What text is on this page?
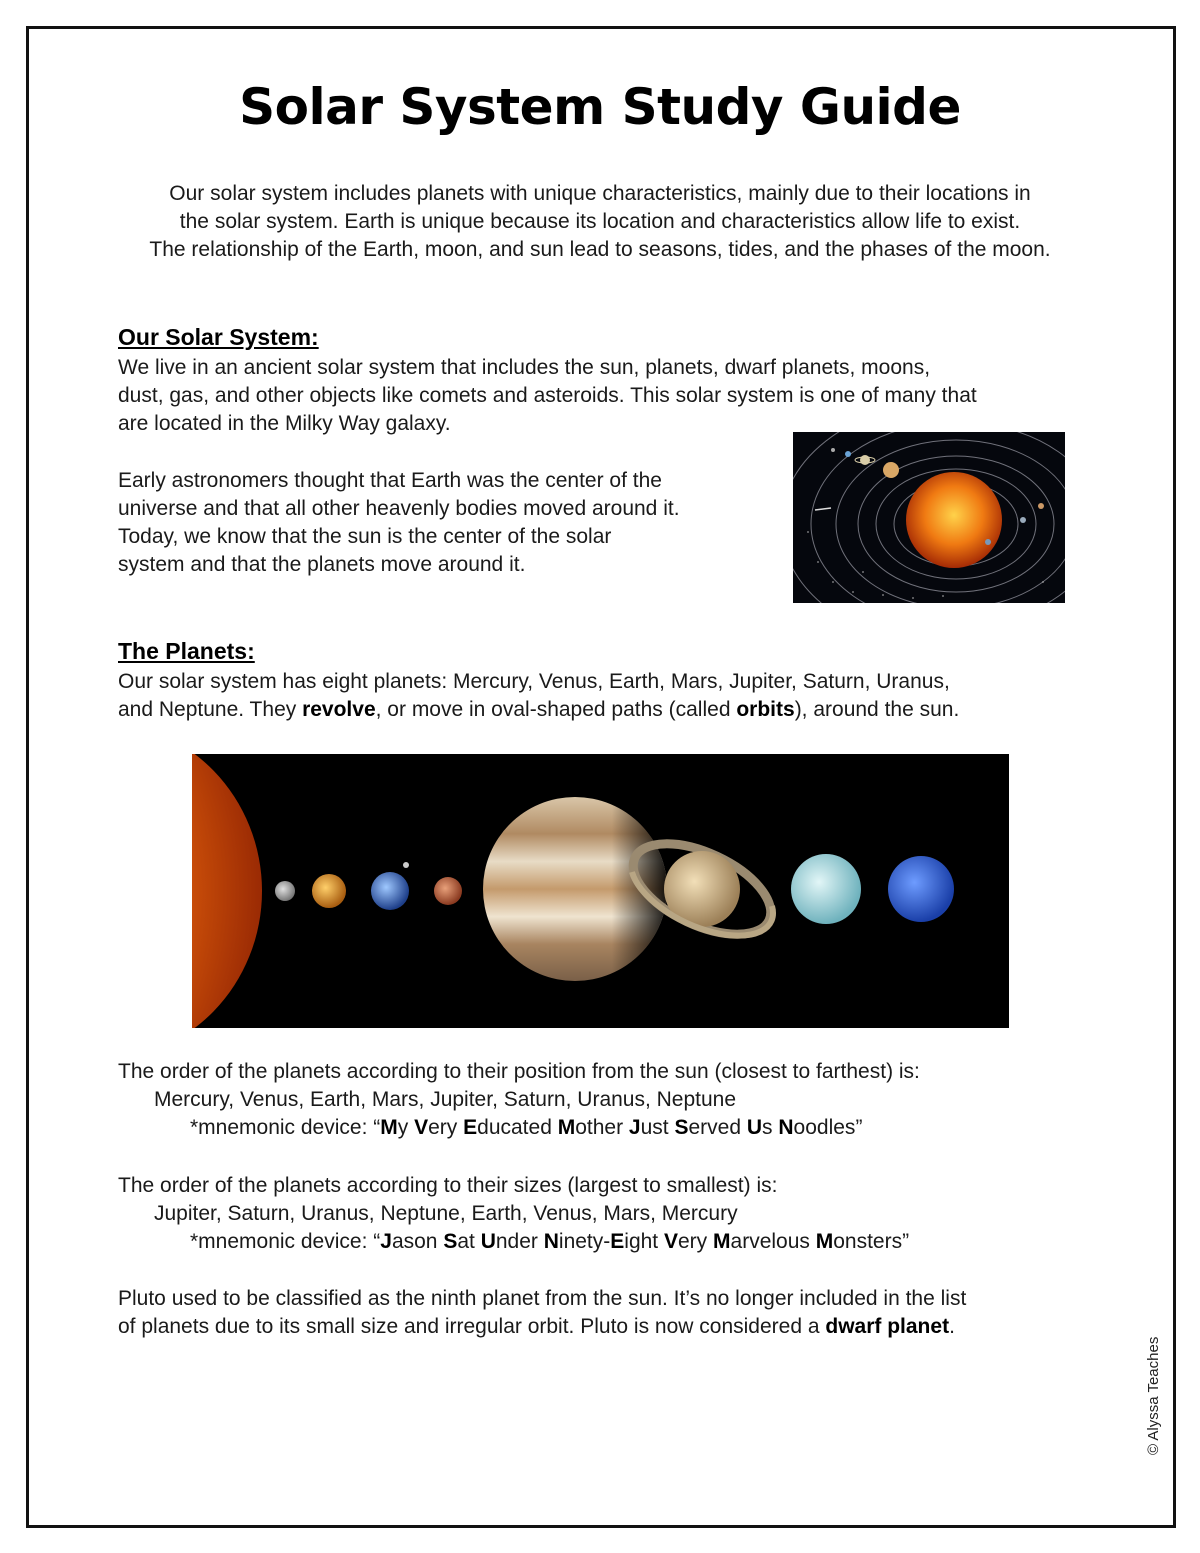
Solar System Study Guide
Our solar system includes planets with unique characteristics, mainly due to their locations in
the solar system. Earth is unique because its location and characteristics allow life to exist.
The relationship of the Earth, moon, and sun lead to seasons, tides, and the phases of the moon.
Our Solar System:
We live in an ancient solar system that includes the sun, planets, dwarf planets, moons,
dust, gas, and other objects like comets and asteroids. This solar system is one of many that
are located in the Milky Way galaxy.
Early astronomers thought that Earth was the center of the
universe and that all other heavenly bodies moved around it.
Today, we know that the sun is the center of the solar
system and that the planets move around it.
The Planets:
Our solar system has eight planets: Mercury, Venus, Earth, Mars, Jupiter, Saturn, Uranus,
and Neptune. They revolve, or move in oval-shaped paths (called orbits), around the sun.
The order of the planets according to their position from the sun (closest to farthest) is:
Mercury, Venus, Earth, Mars, Jupiter, Saturn, Uranus, Neptune
*mnemonic device: “My Very Educated Mother Just Served Us Noodles”
The order of the planets according to their sizes (largest to smallest) is:
Jupiter, Saturn, Uranus, Neptune, Earth, Venus, Mars, Mercury
*mnemonic device: “Jason Sat Under Ninety-Eight Very Marvelous Monsters”
Pluto used to be classified as the ninth planet from the sun. It’s no longer included in the list
of planets due to its small size and irregular orbit. Pluto is now considered a dwarf planet.
© Alyssa Teaches
